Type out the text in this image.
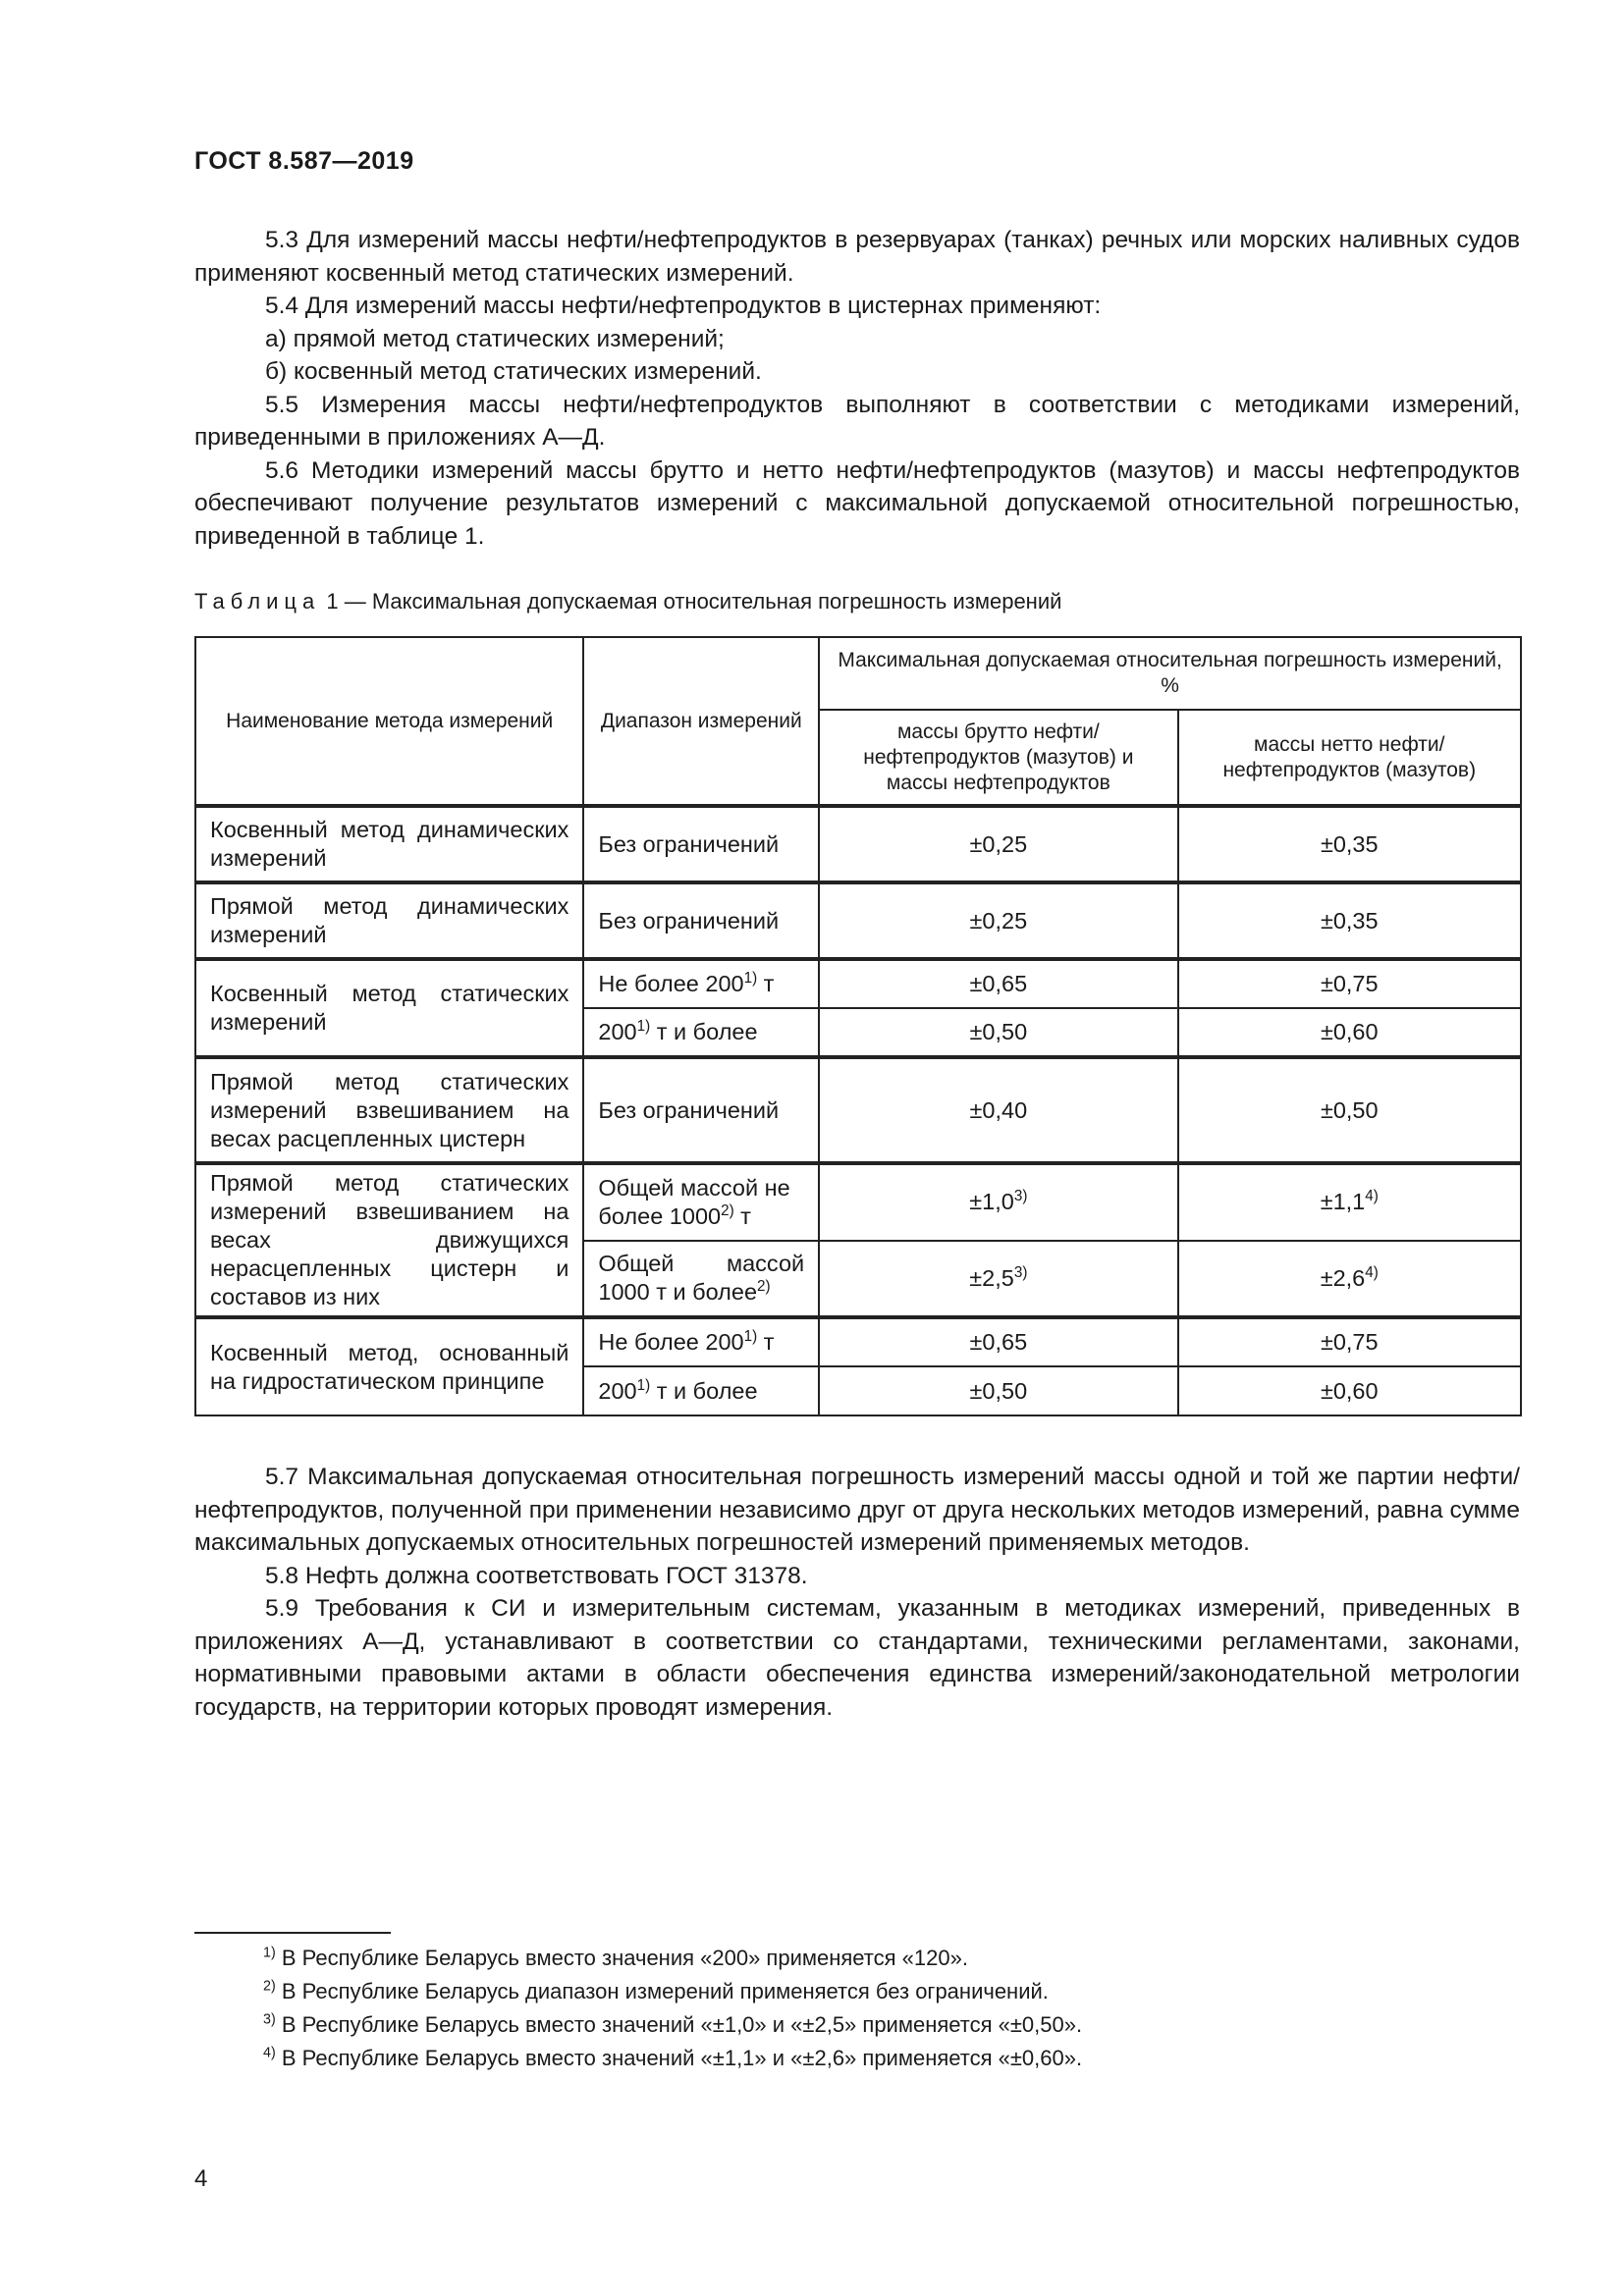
ГОСТ 8.587—2019

5.3 Для измерений массы нефти/нефтепродуктов в резервуарах (танках) речных или морских наливных судов применяют косвенный метод статических измерений.

5.4 Для измерений массы нефти/нефтепродуктов в цистернах применяют:

а) прямой метод статических измерений;

б) косвенный метод статических измерений.

5.5 Измерения массы нефти/нефтепродуктов выполняют в соответствии с методиками измерений, приведенными в приложениях А—Д.

5.6 Методики измерений массы брутто и нетто нефти/нефтепродуктов (мазутов) и массы нефтепродуктов обеспечивают получение результатов измерений с максимальной допускаемой относительной погрешностью, приведенной в таблице 1.

Таблица 1 — Максимальная допускаемая относительная погрешность измерений
Наименование метода измерений	Диапазон измерений	Максимальная допускаемая относительная погрешность измерений, %	
		массы брутто нефти/ нефтепродуктов (мазутов) и массы нефтепродуктов	массы нетто нефти/ нефтепродуктов (мазутов)
Косвенный метод динамических измерений	Без ограничений	±0,25	±0,35
Прямой метод динамических измерений	Без ограничений	±0,25	±0,35
Косвенный метод статических измерений	Не более 200$^{1)}$ т	±0,65	±0,75
	200$^{1)}$ т и более	±0,50	±0,60
Прямой метод статических измерений взвешиванием на весах расцепленных цистерн	Без ограничений	±0,40	±0,50
Прямой метод статических измерений взвешиванием на весах движущихся нерасцепленных цистерн и составов из них	Общей массой не более 1000$^{2)}$ т	$\pm 1,0^{3)}$	$\pm 1,1^{4)}$
	Общей массой 1000 т и более$^{2)}$	$\pm 2,5^{3)}$	$\pm 2,6^{4)}$
Косвенный метод, основанный на гидростатическом принципе	Не более 200$^{1)}$ т	±0,65	±0,75
	200$^{1)}$ т и более	±0,50	±0,60

5.7 Максимальная допускаемая относительная погрешность измерений массы одной и той же партии нефти/нефтепродуктов, полученной при применении независимо друг от друга нескольких методов измерений, равна сумме максимальных допускаемых относительных погрешностей измерений применяемых методов.

5.8 Нефть должна соответствовать ГОСТ 31378.

5.9 Требования к СИ и измерительным системам, указанным в методиках измерений, приведенных в приложениях А—Д, устанавливают в соответствии со стандартами, техническими регламентами, законами, нормативными правовыми актами в области обеспечения единства измерений/законодательной метрологии государств, на территории которых проводят измерения.

$^{1)}$ В Республике Беларусь вместо значения «200» применяется «120».
$^{2)}$ В Республике Беларусь диапазон измерений применяется без ограничений.
$^{3)}$ В Республике Беларусь вместо значений «±1,0» и «±2,5» применяется «±0,50».
$^{4)}$ В Республике Беларусь вместо значений «±1,1» и «±2,6» применяется «±0,60».
4
